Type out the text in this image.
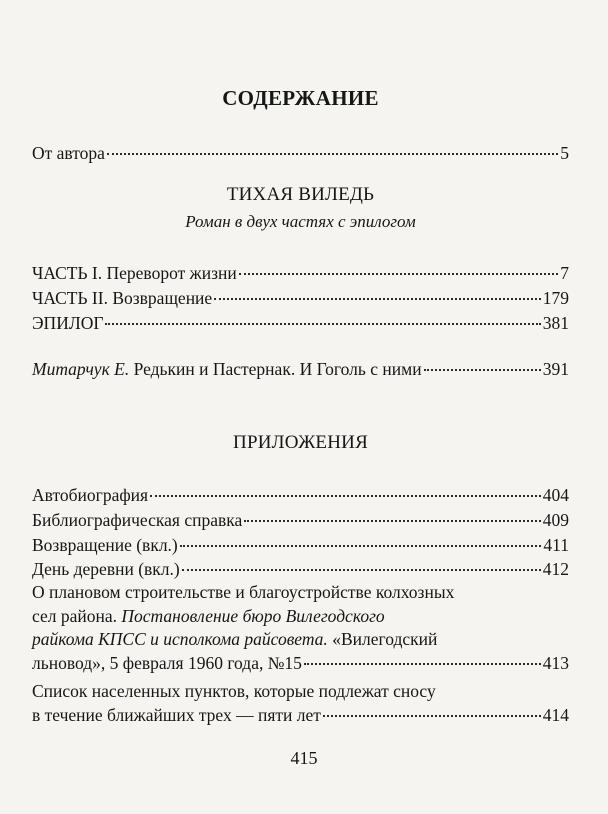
СОДЕРЖАНИЕ
От автора	5
ТИХАЯ ВИЛЕДЬ
Роман в двух частях с эпилогом
ЧАСТЬ I. Переворот жизни	7
ЧАСТЬ II. Возвращение	179
ЭПИЛОГ	381
Митарчук Е. Редькин и Пастернак. И Гоголь с ними	391
ПРИЛОЖЕНИЯ
Автобиография	404
Библиографическая справка	409
Возвращение (вкл.)	411
День деревни (вкл.)	412
О плановом строительстве и благоустройстве колхозных
сел района. Постановление бюро Вилегодского
райкома КПСС и исполкома райсовета. «Вилегодский
льновод», 5 февраля 1960 года, №15	413
Список населенных пунктов, которые подлежат сносу
в течение ближайших трех — пяти лет	414
415
